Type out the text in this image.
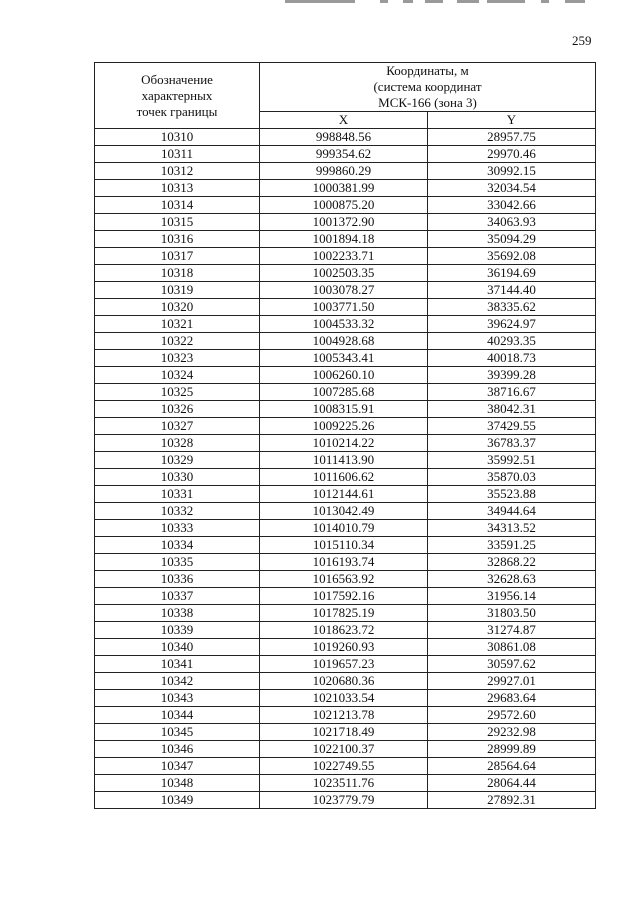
259
Обозначение
характерных
точек границы	Координаты, м
(система координат
МСК-166 (зона 3)	

	X	Y
10310	998848.56	28957.75
10311	999354.62	29970.46
10312	999860.29	30992.15
10313	1000381.99	32034.54
10314	1000875.20	33042.66
10315	1001372.90	34063.93
10316	1001894.18	35094.29
10317	1002233.71	35692.08
10318	1002503.35	36194.69
10319	1003078.27	37144.40
10320	1003771.50	38335.62
10321	1004533.32	39624.97
10322	1004928.68	40293.35
10323	1005343.41	40018.73
10324	1006260.10	39399.28
10325	1007285.68	38716.67
10326	1008315.91	38042.31
10327	1009225.26	37429.55
10328	1010214.22	36783.37
10329	1011413.90	35992.51
10330	1011606.62	35870.03
10331	1012144.61	35523.88
10332	1013042.49	34944.64
10333	1014010.79	34313.52
10334	1015110.34	33591.25
10335	1016193.74	32868.22
10336	1016563.92	32628.63
10337	1017592.16	31956.14
10338	1017825.19	31803.50
10339	1018623.72	31274.87
10340	1019260.93	30861.08
10341	1019657.23	30597.62
10342	1020680.36	29927.01
10343	1021033.54	29683.64
10344	1021213.78	29572.60
10345	1021718.49	29232.98
10346	1022100.37	28999.89
10347	1022749.55	28564.64
10348	1023511.76	28064.44
10349	1023779.79	27892.31
